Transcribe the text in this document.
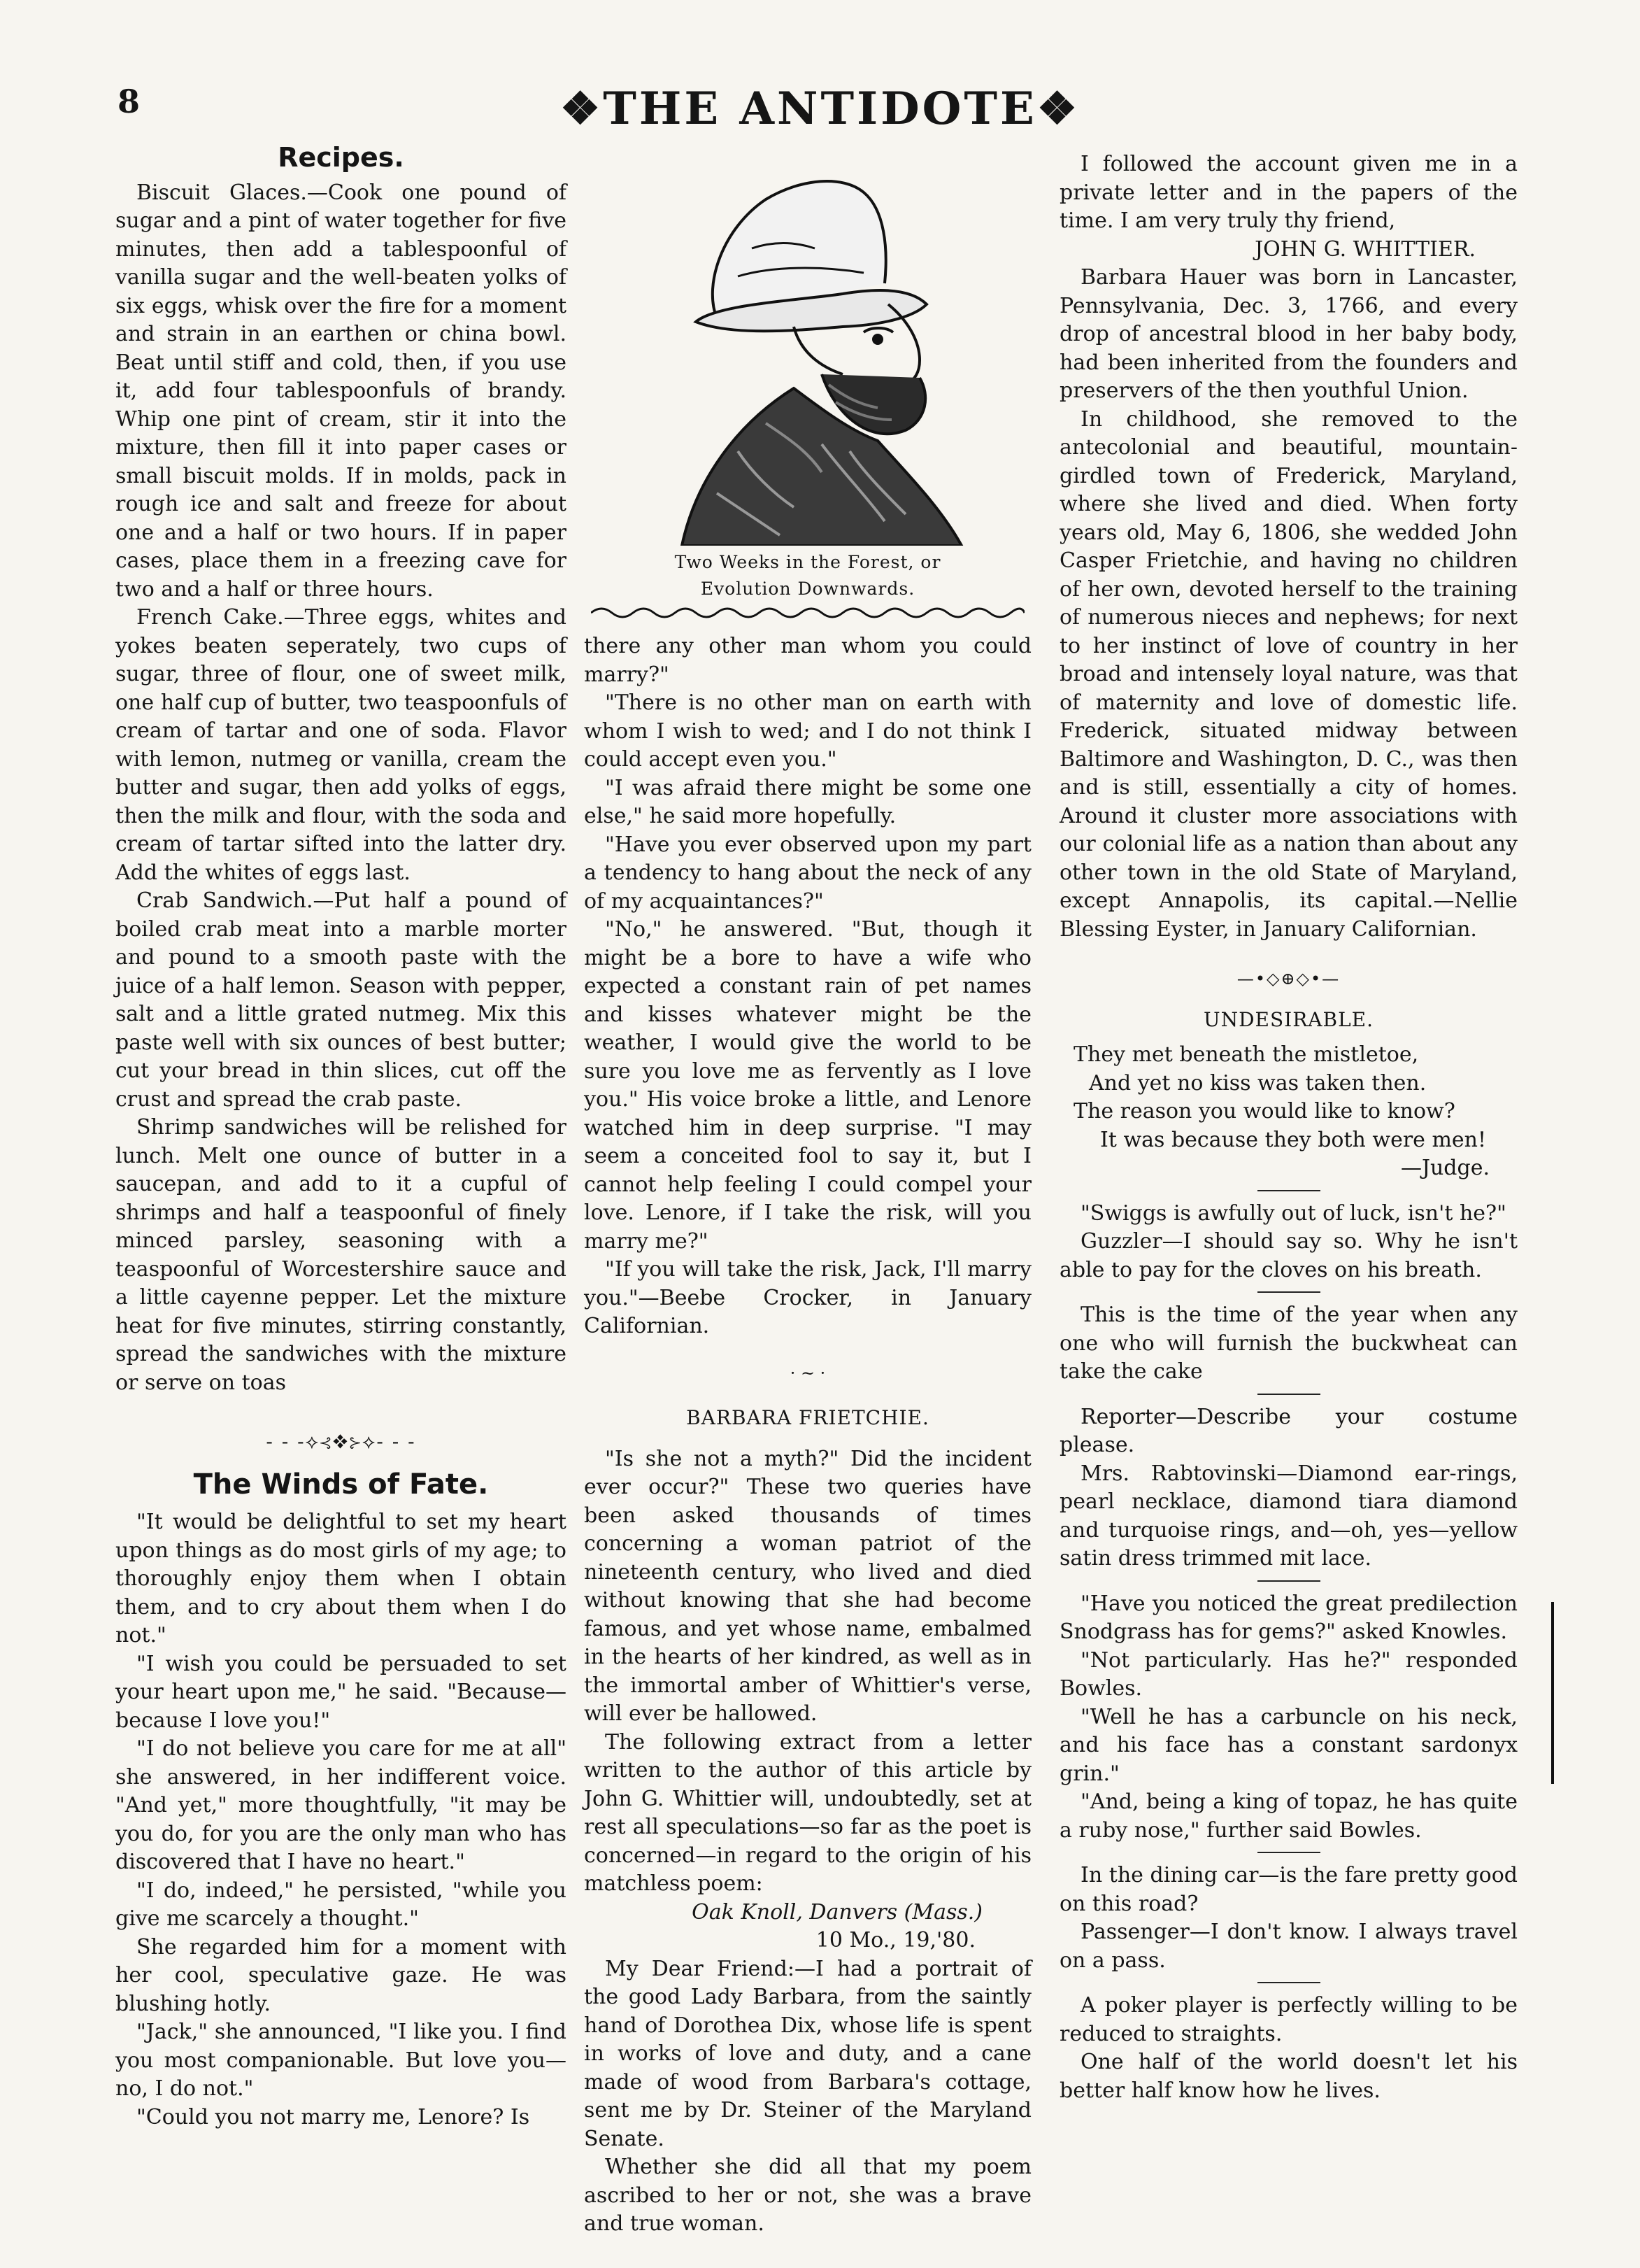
8	❖THE ANTIDOTE❖
Recipes.

Biscuit Glaces.—Cook one pound of sugar and a pint of water together for five minutes, then add a tablespoonful of vanilla sugar and the well-beaten yolks of six eggs, whisk over the fire for a moment and strain in an earthen or china bowl. Beat until stiff and cold, then, if you use it, add four tablespoonfuls of brandy. Whip one pint of cream, stir it into the mixture, then fill it into paper cases or small biscuit molds. If in molds, pack in rough ice and salt and freeze for about one and a half or two hours. If in paper cases, place them in a freezing cave for two and a half or three hours.

French Cake.—Three eggs, whites and yokes beaten seperately, two cups of sugar, three of flour, one of sweet milk, one half cup of butter, two teaspoonfuls of cream of tartar and one of soda. Flavor with lemon, nutmeg or vanilla, cream the butter and sugar, then add yolks of eggs, then the milk and flour, with the soda and cream of tartar sifted into the latter dry. Add the whites of eggs last.

Crab Sandwich.—Put half a pound of boiled crab meat into a marble morter and pound to a smooth paste with the juice of a half lemon. Season with pepper, salt and a little grated nutmeg. Mix this paste well with six ounces of best butter; cut your bread in thin slices, cut off the crust and spread the crab paste.

Shrimp sandwiches will be relished for lunch. Melt one ounce of butter in a saucepan, and add to it a cupful of shrimps and half a teaspoonful of finely minced parsley, seasoning with a teaspoonful of Worcestershire sauce and a little cayenne pepper. Let the mixture heat for five minutes, stirring constantly, spread the sandwiches with the mixture or serve on toas

- - -⟡⊰❖⊱⟡- - -
The Winds of Fate.

"It would be delightful to set my heart upon things as do most girls of my age; to thoroughly enjoy them when I obtain them, and to cry about them when I do not."

"I wish you could be persuaded to set your heart upon me," he said. "Because—because I love you!"

"I do not believe you care for me at all" she answered, in her indifferent voice. "And yet," more thoughtfully, "it may be you do, for you are the only man who has discovered that I have no heart."

"I do, indeed," he persisted, "while you give me scarcely a thought."

She regarded him for a moment with her cool, speculative gaze. He was blushing hotly.

"Jack," she announced, "I like you. I find you most companionable. But love you—no, I do not."

"Could you not marry me, Lenore? Is

Two Weeks in the Forest, or
Evolution Downwards.

there any other man whom you could marry?"

"There is no other man on earth with whom I wish to wed; and I do not think I could accept even you."

"I was afraid there might be some one else," he said more hopefully.

"Have you ever observed upon my part a tendency to hang about the neck of any of my acquaintances?"

"No," he answered. "But, though it might be a bore to have a wife who expected a constant rain of pet names and kisses whatever might be the weather, I would give the world to be sure you love me as fervently as I love you." His voice broke a little, and Lenore watched him in deep surprise. "I may seem a conceited fool to say it, but I cannot help feeling I could compel your love. Lenore, if I take the risk, will you marry me?"

"If you will take the risk, Jack, I'll marry you."—Beebe Crocker, in January Californian.

· ~ ·
BARBARA FRIETCHIE.

"Is she not a myth?" Did the incident ever occur?" These two queries have been asked thousands of times concerning a woman patriot of the nineteenth century, who lived and died without knowing that she had become famous, and yet whose name, embalmed in the hearts of her kindred, as well as in the immortal amber of Whittier's verse, will ever be hallowed.

The following extract from a letter written to the author of this article by John G. Whittier will, undoubtedly, set at rest all speculations—so far as the poet is concerned—in regard to the origin of his matchless poem:

Oak Knoll, Danvers (Mass.)

10 Mo., 19,'80.

My Dear Friend:—I had a portrait of the good Lady Barbara, from the saintly hand of Dorothea Dix, whose life is spent in works of love and duty, and a cane made of wood from Barbara's cottage, sent me by Dr. Steiner of the Maryland Senate.

Whether she did all that my poem ascribed to her or not, she was a brave and true woman.

I followed the account given me in a private letter and in the papers of the time. I am very truly thy friend,

JOHN G. WHITTIER.

Barbara Hauer was born in Lancaster, Pennsylvania, Dec. 3, 1766, and every drop of ancestral blood in her baby body, had been inherited from the founders and preservers of the then youthful Union.

In childhood, she removed to the antecolonial and beautiful, mountain-girdled town of Frederick, Maryland, where she lived and died. When forty years old, May 6, 1806, she wedded John Casper Frietchie, and having no children of her own, devoted herself to the training of numerous nieces and nephews; for next to her instinct of love of country in her broad and intensely loyal nature, was that of maternity and love of domestic life. Frederick, situated midway between Baltimore and Washington, D. C., was then and is still, essentially a city of homes. Around it cluster more associations with our colonial life as a nation than about any other town in the old State of Maryland, except Annapolis, its capital.—Nellie Blessing Eyster, in January Californian.

—•◇⊕◇•—
UNDESIRABLE.
They met beneath the mistletoe,
And yet no kiss was taken then.
The reason you would like to know?
It was because they both were men!

—Judge.

"Swiggs is awfully out of luck, isn't he?"

Guzzler—I should say so. Why he isn't able to pay for the cloves on his breath.

This is the time of the year when any one who will furnish the buckwheat can take the cake

Reporter—Describe your costume please.

Mrs. Rabtovinski—Diamond ear-rings, pearl necklace, diamond tiara diamond and turquoise rings, and—oh, yes—yellow satin dress trimmed mit lace.

"Have you noticed the great predilection Snodgrass has for gems?" asked Knowles.

"Not particularly. Has he?" responded Bowles.

"Well he has a carbuncle on his neck, and his face has a constant sardonyx grin."

"And, being a king of topaz, he has quite a ruby nose," further said Bowles.

In the dining car—is the fare pretty good on this road?

Passenger—I don't know. I always travel on a pass.

A poker player is perfectly willing to be reduced to straights.

One half of the world doesn't let his better half know how he lives.
